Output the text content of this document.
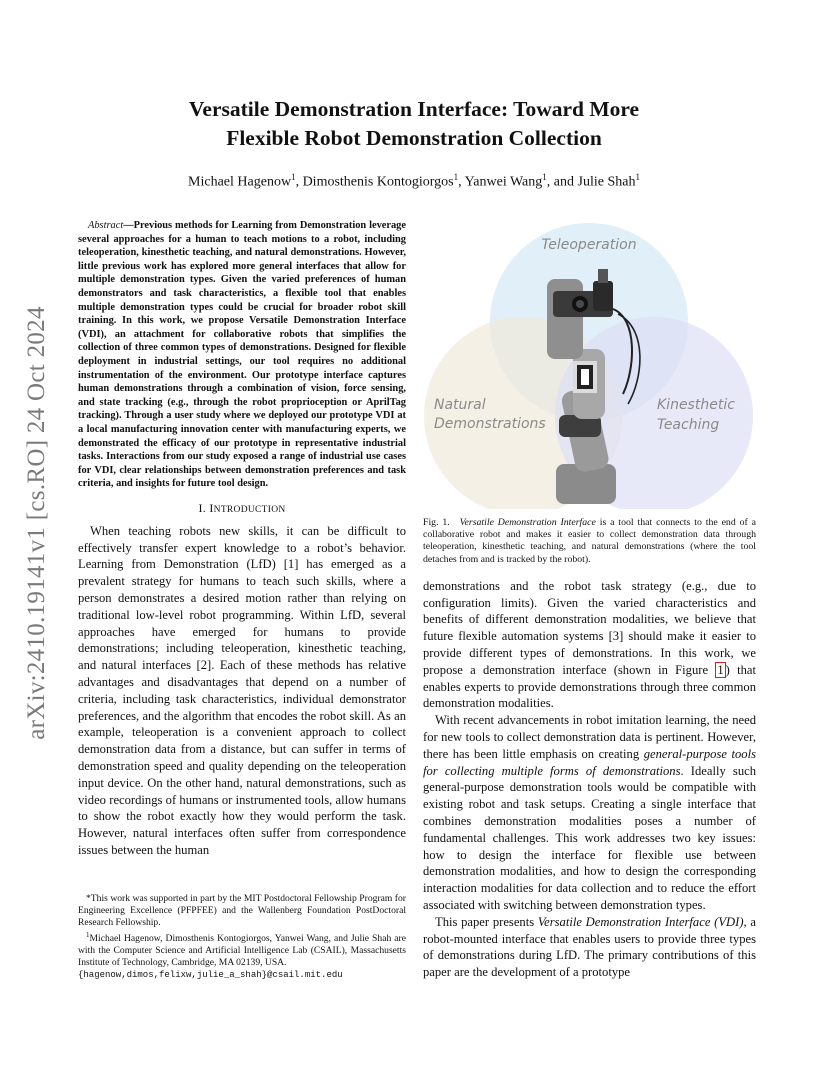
arXiv:2410.19141v1 [cs.RO] 24 Oct 2024
Versatile Demonstration Interface: Toward More
Flexible Robot Demonstration Collection
Michael Hagenow$^1$, Dimosthenis Kontogiorgos$^1$, Yanwei Wang$^1$, and Julie Shah$^1$

Abstract—Previous methods for Learning from Demonstration leverage several approaches for a human to teach motions to a robot, including teleoperation, kinesthetic teaching, and natural demonstrations. However, little previous work has explored more general interfaces that allow for multiple demonstration types. Given the varied preferences of human demonstrators and task characteristics, a flexible tool that enables multiple demonstration types could be crucial for broader robot skill training. In this work, we propose Versatile Demonstration Interface (VDI), an attachment for collaborative robots that simplifies the collection of three common types of demonstrations. Designed for flexible deployment in industrial settings, our tool requires no additional instrumentation of the environment. Our prototype interface captures human demonstrations through a combination of vision, force sensing, and state tracking (e.g., through the robot proprioception or AprilTag tracking). Through a user study where we deployed our prototype VDI at a local manufacturing innovation center with manufacturing experts, we demonstrated the efficacy of our prototype in representative industrial tasks. Interactions from our study exposed a range of industrial use cases for VDI, clear relationships between demonstration preferences and task criteria, and insights for future tool design.

I. INTRODUCTION

When teaching robots new skills, it can be difficult to effectively transfer expert knowledge to a robot’s behavior. Learning from Demonstration (LfD) [1] has emerged as a prevalent strategy for humans to teach such skills, where a person demonstrates a desired motion rather than relying on traditional low-level robot programming. Within LfD, several approaches have emerged for humans to provide demonstrations; including teleoperation, kinesthetic teaching, and natural interfaces [2]. Each of these methods has relative advantages and disadvantages that depend on a number of criteria, including task characteristics, individual demonstrator preferences, and the algorithm that encodes the robot skill. As an example, teleoperation is a convenient approach to collect demonstration data from a distance, but can suffer in terms of demonstration speed and quality depending on the teleoperation input device. On the other hand, natural demonstrations, such as video recordings of humans or instrumented tools, allow humans to show the robot exactly how they would perform the task. However, natural interfaces often suffer from correspondence issues between the human

*This work was supported in part by the MIT Postdoctoral Fellowship Program for Engineering Excellence (PFPFEE) and the Wallenberg Foundation PostDoctoral Research Fellowship.

$^1$Michael Hagenow, Dimosthenis Kontogiorgos, Yanwei Wang, and Julie Shah are with the Computer Science and Artificial Intelligence Lab (CSAIL), Massachusetts Institute of Technology, Cambridge, MA 02139, USA.

{hagenow,dimos,felixw,julie_a_shah}@csail.mit.edu

Teleoperation
Natural
Demonstrations
Kinesthetic
Teaching

Fig. 1. Versatile Demonstration Interface is a tool that connects to the end of a collaborative robot and makes it easier to collect demonstration data through teleoperation, kinesthetic teaching, and natural demonstrations (where the tool detaches from and is tracked by the robot).

demonstrations and the robot task strategy (e.g., due to configuration limits). Given the varied characteristics and benefits of different demonstration modalities, we believe that future flexible automation systems [3] should make it easier to provide different types of demonstrations. In this work, we propose a demonstration interface (shown in Figure 1 ) that enables experts to provide demonstrations through three common demonstration modalities.

With recent advancements in robot imitation learning, the need for new tools to collect demonstration data is pertinent. However, there has been little emphasis on creating general-purpose tools for collecting multiple forms of demonstrations. Ideally such general-purpose demonstration tools would be compatible with existing robot and task setups. Creating a single interface that combines demonstration modalities poses a number of fundamental challenges. This work addresses two key issues: how to design the interface for flexible use between demonstration modalities, and how to design the corresponding interaction modalities for data collection and to reduce the effort associated with switching between demonstration types.

This paper presents Versatile Demonstration Interface (VDI), a robot-mounted interface that enables users to provide three types of demonstrations during LfD. The primary contributions of this paper are the development of a prototype
